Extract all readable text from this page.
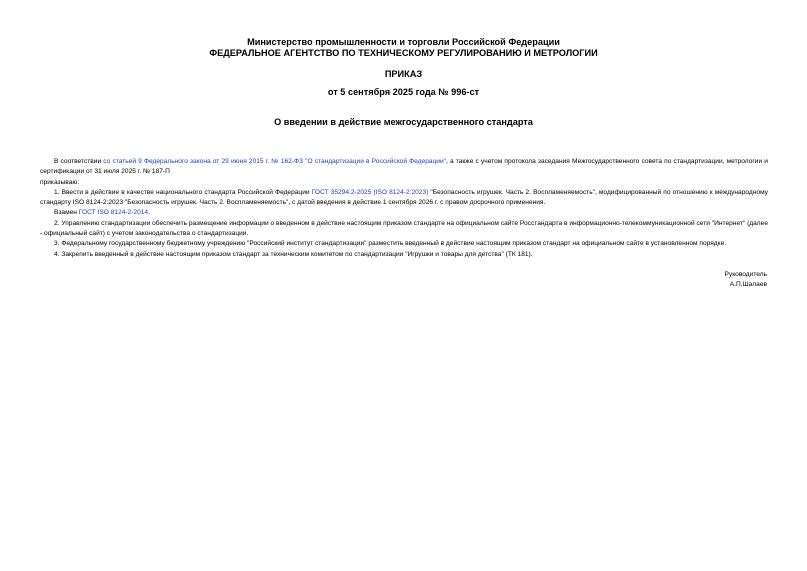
Министерство промышленности и торговли Российской Федерации
ФЕДЕРАЛЬНОЕ АГЕНТСТВО ПО ТЕХНИЧЕСКОМУ РЕГУЛИРОВАНИЮ И МЕТРОЛОГИИ
ПРИКАЗ
от 5 сентября 2025 года № 996-ст
О введении в действие межгосударственного стандарта

В соответствии со статьей 9 Федерального закона от 29 июня 2015 г. № 162-ФЗ "О стандартизации в Российской Федерации", а также с учетом протокола заседания Межгосударственного совета по стандартизации, метрологии и сертификации от 31 июля 2025 г. № 187-П

приказываю:

1. Ввести в действие в качестве национального стандарта Российской Федерации ГОСТ 35294.2-2025 (ISO 8124-2:2023) "Безопасность игрушек. Часть 2. Воспламеняемость", модифицированный по отношению к международному стандарту ISO 8124-2:2023 "Безопасность игрушек. Часть 2. Воспламеняемость", с датой введения в действие 1 сентября 2026 г. с правом досрочного применения.

Взамен ГОСТ ISO 8124-2-2014.

2. Управлению стандартизации обеспечить размещение информации о введенном в действие настоящим приказом стандарте на официальном сайте Росстандарта в информационно-телекоммуникационной сети "Интернет" (далее - официальный сайт) с учетом законодательства о стандартизации.

3. Федеральному государственному бюджетному учреждению "Российский институт стандартизации" разместить введенный в действие настоящим приказом стандарт на официальном сайте в установленном порядке.

4. Закрепить введенный в действие настоящим приказом стандарт за техническим комитетом по стандартизации "Игрушки и товары для детства" (ТК 181).

Руководитель
А.П.Шалаев
